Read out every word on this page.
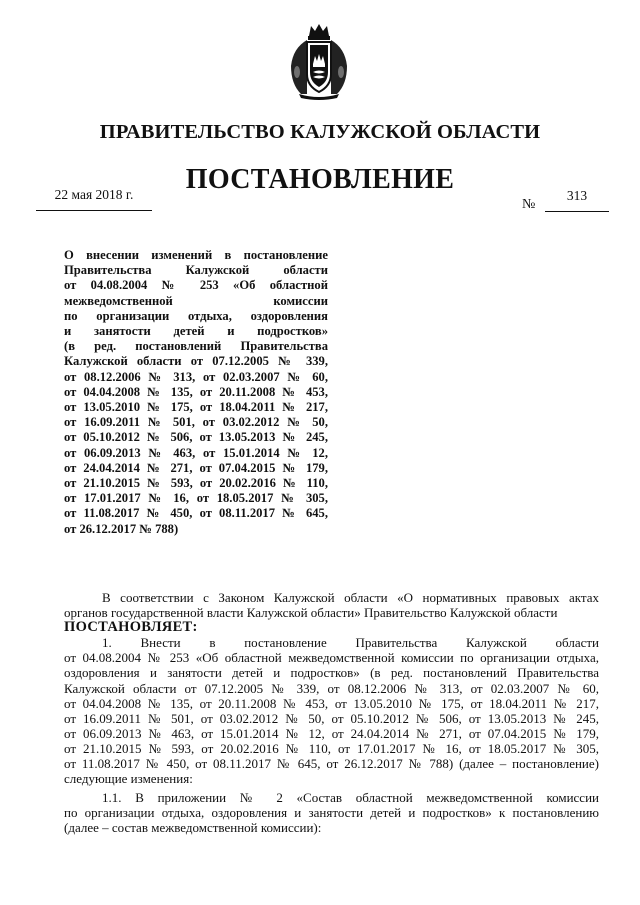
ПРАВИТЕЛЬСТВО КАЛУЖСКОЙ ОБЛАСТИ
ПОСТАНОВЛЕНИЕ
22 мая 2018 г.
№
313
О внесении изменений в постановление
Правительства Калужской области
от 04.08.2004 № 253 «Об областной
межведомственной комиссии
по организации отдыха, оздоровления
и занятости детей и подростков»
(в ред. постановлений Правительства
Калужской области от 07.12.2005 № 339,
от 08.12.2006 № 313, от 02.03.2007 № 60,
от 04.04.2008 № 135, от 20.11.2008 № 453,
от 13.05.2010 № 175, от 18.04.2011 № 217,
от 16.09.2011 № 501, от 03.02.2012 № 50,
от 05.10.2012 № 506, от 13.05.2013 № 245,
от 06.09.2013 № 463, от 15.01.2014 № 12,
от 24.04.2014 № 271, от 07.04.2015 № 179,
от 21.10.2015 № 593, от 20.02.2016 № 110,
от 17.01.2017 № 16, от 18.05.2017 № 305,
от 11.08.2017 № 450, от 08.11.2017 № 645,
от 26.12.2017 № 788)
В соответствии с Законом Калужской области «О нормативных правовых актах
органов государственной власти Калужской области» Правительство Калужской области
ПОСТАНОВЛЯЕТ:
1. Внести в постановление Правительства Калужской области
от 04.08.2004 № 253 «Об областной межведомственной комиссии по организации отдыха,
оздоровления и занятости детей и подростков» (в ред. постановлений Правительства
Калужской области от 07.12.2005 № 339, от 08.12.2006 № 313, от 02.03.2007 № 60,
от 04.04.2008 № 135, от 20.11.2008 № 453, от 13.05.2010 № 175, от 18.04.2011 № 217,
от 16.09.2011 № 501, от 03.02.2012 № 50, от 05.10.2012 № 506, от 13.05.2013 № 245,
от 06.09.2013 № 463, от 15.01.2014 № 12, от 24.04.2014 № 271, от 07.04.2015 № 179,
от 21.10.2015 № 593, от 20.02.2016 № 110, от 17.01.2017 № 16, от 18.05.2017 № 305,
от 11.08.2017 № 450, от 08.11.2017 № 645, от 26.12.2017 № 788) (далее – постановление)
следующие изменения:
1.1. В приложении № 2 «Состав областной межведомственной комиссии
по организации отдыха, оздоровления и занятости детей и подростков» к постановлению
(далее – состав межведомственной комиссии):
